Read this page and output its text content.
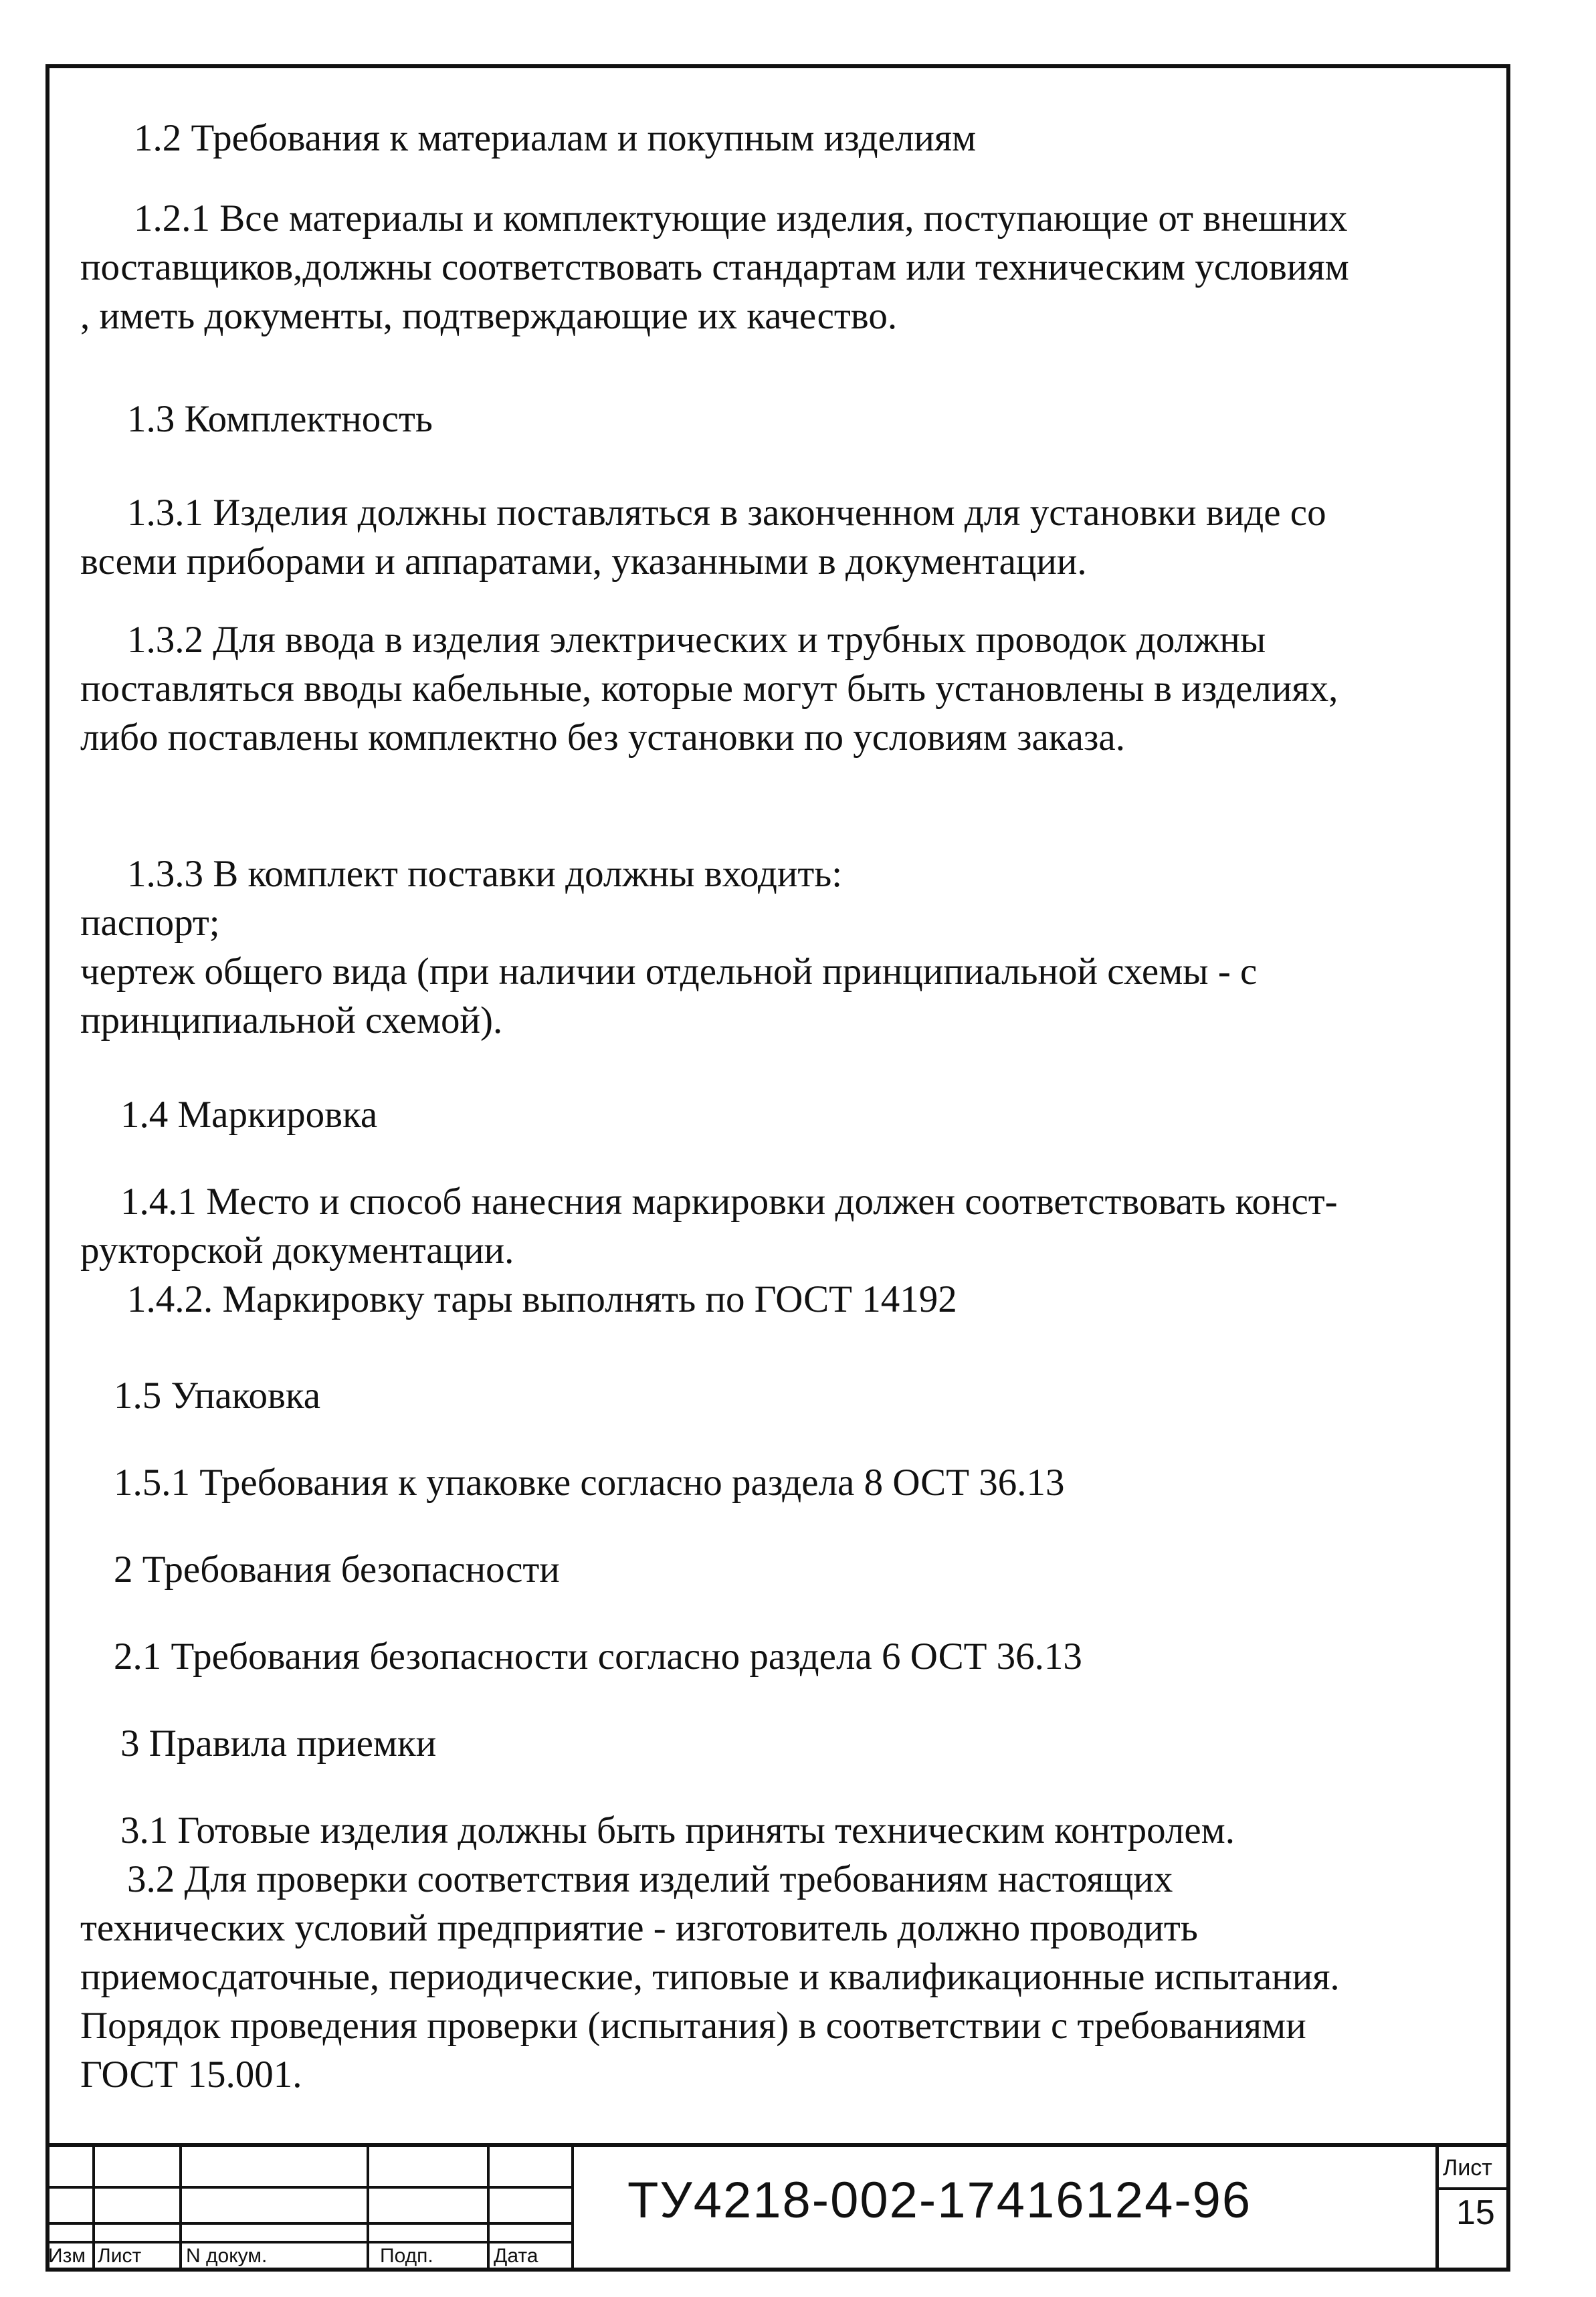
1.2 Требования к материалам и покупным изделиям
1.2.1 Все материалы и комплектующие изделия, поступающие от внешних
поставщиков,должны соответствовать стандартам или техническим условиям
, иметь документы, подтверждающие их качество.
1.3 Комплектность
1.3.1 Изделия должны поставляться в законченном для установки виде со
всеми приборами и аппаратами, указанными в документации.
1.3.2 Для ввода в изделия электрических и трубных проводок должны
поставляться вводы кабельные, которые могут быть установлены в изделиях,
либо поставлены комплектно без установки по условиям заказа.
1.3.3 В комплект поставки должны входить:
паспорт;
чертеж общего вида (при наличии отдельной принципиальной схемы - с
принципиальной схемой).
1.4 Маркировка
1.4.1 Место и способ нанесния маркировки должен соответствовать конст-
рукторской документации.
1.4.2. Маркировку тары выполнять по ГОСТ 14192
1.5 Упаковка
1.5.1 Требования к упаковке согласно раздела 8 ОСТ 36.13
2 Требования безопасности
2.1 Требования безопасности согласно раздела 6 ОСТ 36.13
3 Правила приемки
3.1 Готовые изделия должны быть приняты техническим контролем.
3.2 Для проверки соответствия изделий требованиям настоящих
технических условий предприятие - изготовитель должно проводить
приемосдаточные, периодические, типовые и квалификационные испытания.
Порядок проведения проверки (испытания) в соответствии с требованиями
ГОСТ 15.001.
Изм Лист N докум.	Подп.	Дата
ТУ4218-002-17416124-96
Лист
15
